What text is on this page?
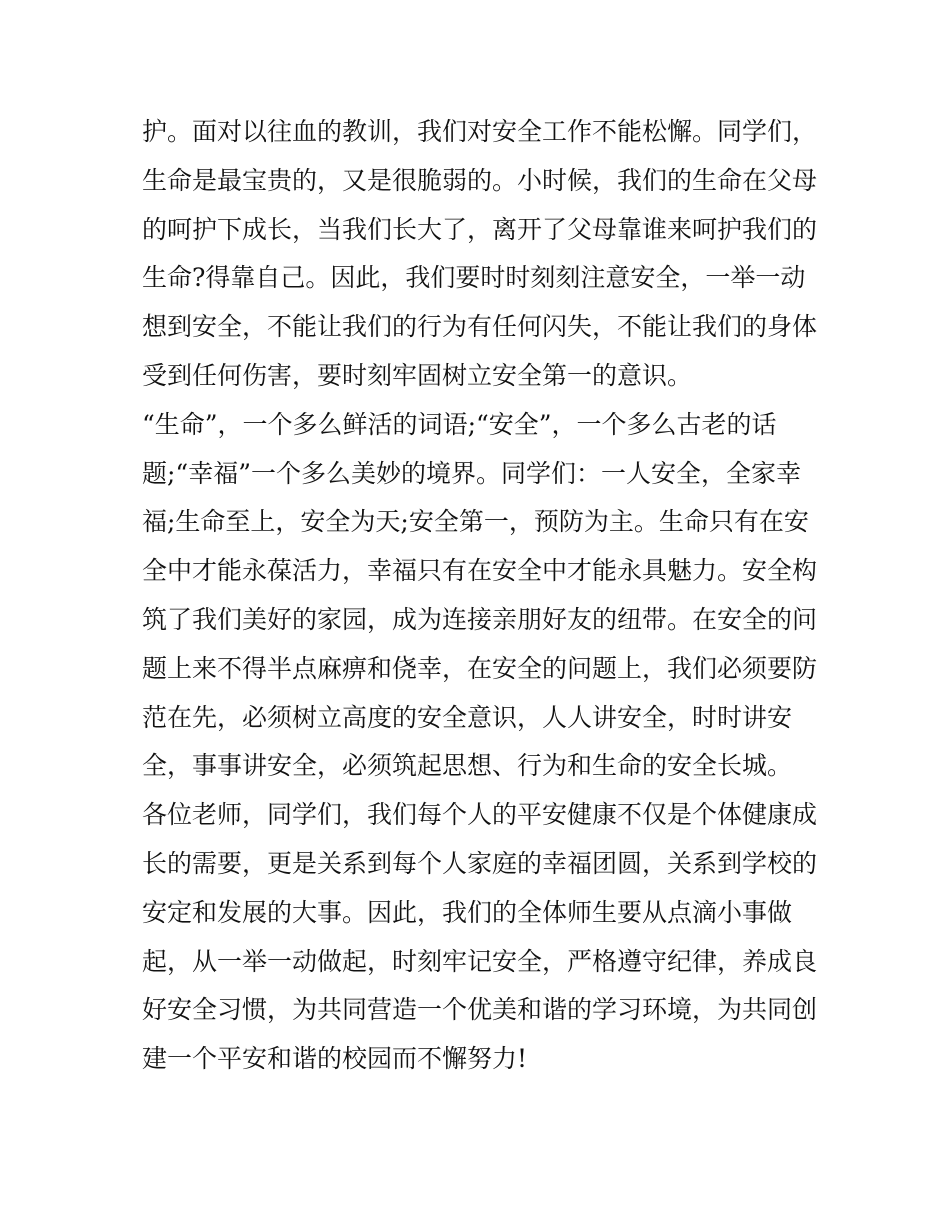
护。面对以往血的教训，我们对安全工作不能松懈。同学们，
生命是最宝贵的，又是很脆弱的。小时候，我们的生命在父母
的呵护下成长，当我们长大了，离开了父母靠谁来呵护我们的
生命?得靠自己。因此，我们要时时刻刻注意安全，一举一动
想到安全，不能让我们的行为有任何闪失，不能让我们的身体
受到任何伤害，要时刻牢固树立安全第一的意识。
“生命”，一个多么鲜活的词语;“安全”，一个多么古老的话
题;“幸福”一个多么美妙的境界。同学们：一人安全，全家幸
福;生命至上，安全为天;安全第一，预防为主。生命只有在安
全中才能永葆活力，幸福只有在安全中才能永具魅力。安全构
筑了我们美好的家园，成为连接亲朋好友的纽带。在安全的问
题上来不得半点麻痹和侥幸，在安全的问题上，我们必须要防
范在先，必须树立高度的安全意识，人人讲安全，时时讲安
全，事事讲安全，必须筑起思想、行为和生命的安全长城。
各位老师，同学们，我们每个人的平安健康不仅是个体健康成
长的需要，更是关系到每个人家庭的幸福团圆，关系到学校的
安定和发展的大事。因此，我们的全体师生要从点滴小事做
起，从一举一动做起，时刻牢记安全，严格遵守纪律，养成良
好安全习惯，为共同营造一个优美和谐的学习环境，为共同创
建一个平安和谐的校园而不懈努力!
